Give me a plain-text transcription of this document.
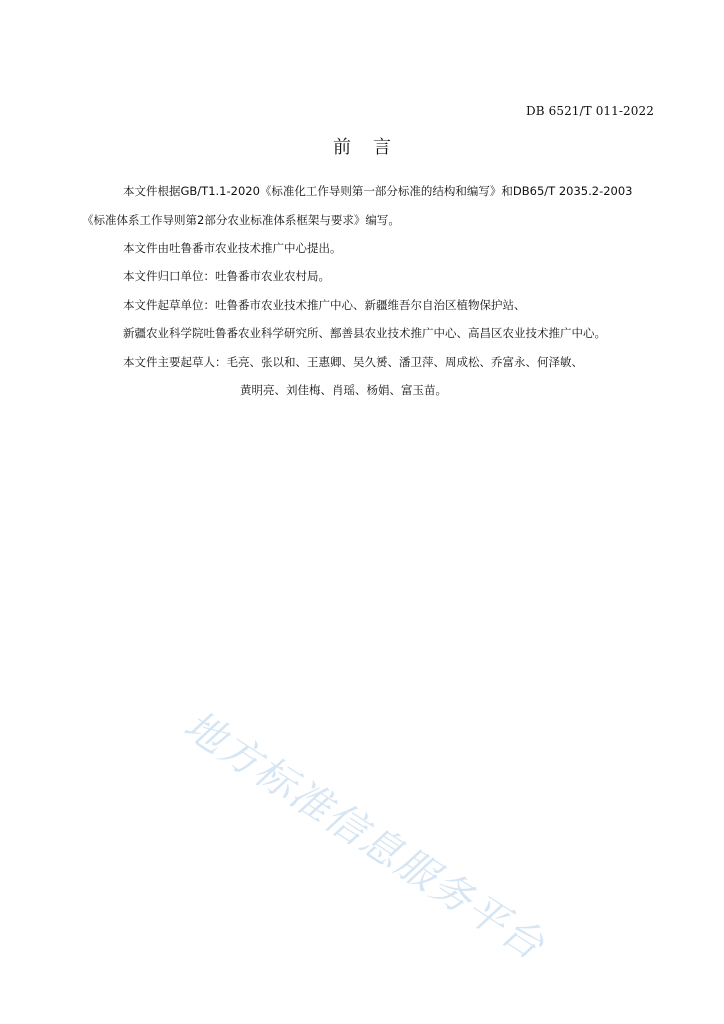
DB 6521/T 011-2022
前言
本文件根据GB/T1.1-2020《标准化工作导则第一部分标准的结构和编写》和DB65/T 2035.2-2003
《标准体系工作导则第2部分农业标准体系框架与要求》编写。
本文件由吐鲁番市农业技术推广中心提出。
本文件归口单位：吐鲁番市农业农村局。
本文件起草单位：吐鲁番市农业技术推广中心、新疆维吾尔自治区植物保护站、
新疆农业科学院吐鲁番农业科学研究所、鄯善县农业技术推广中心、高昌区农业技术推广中心。
本文件主要起草人：毛亮、张以和、王惠卿、吴久赟、潘卫萍、周成松、乔富永、何泽敏、
黄明亮、刘佳梅、肖瑶、杨娟、富玉苗。
地方标准信息服务平台
